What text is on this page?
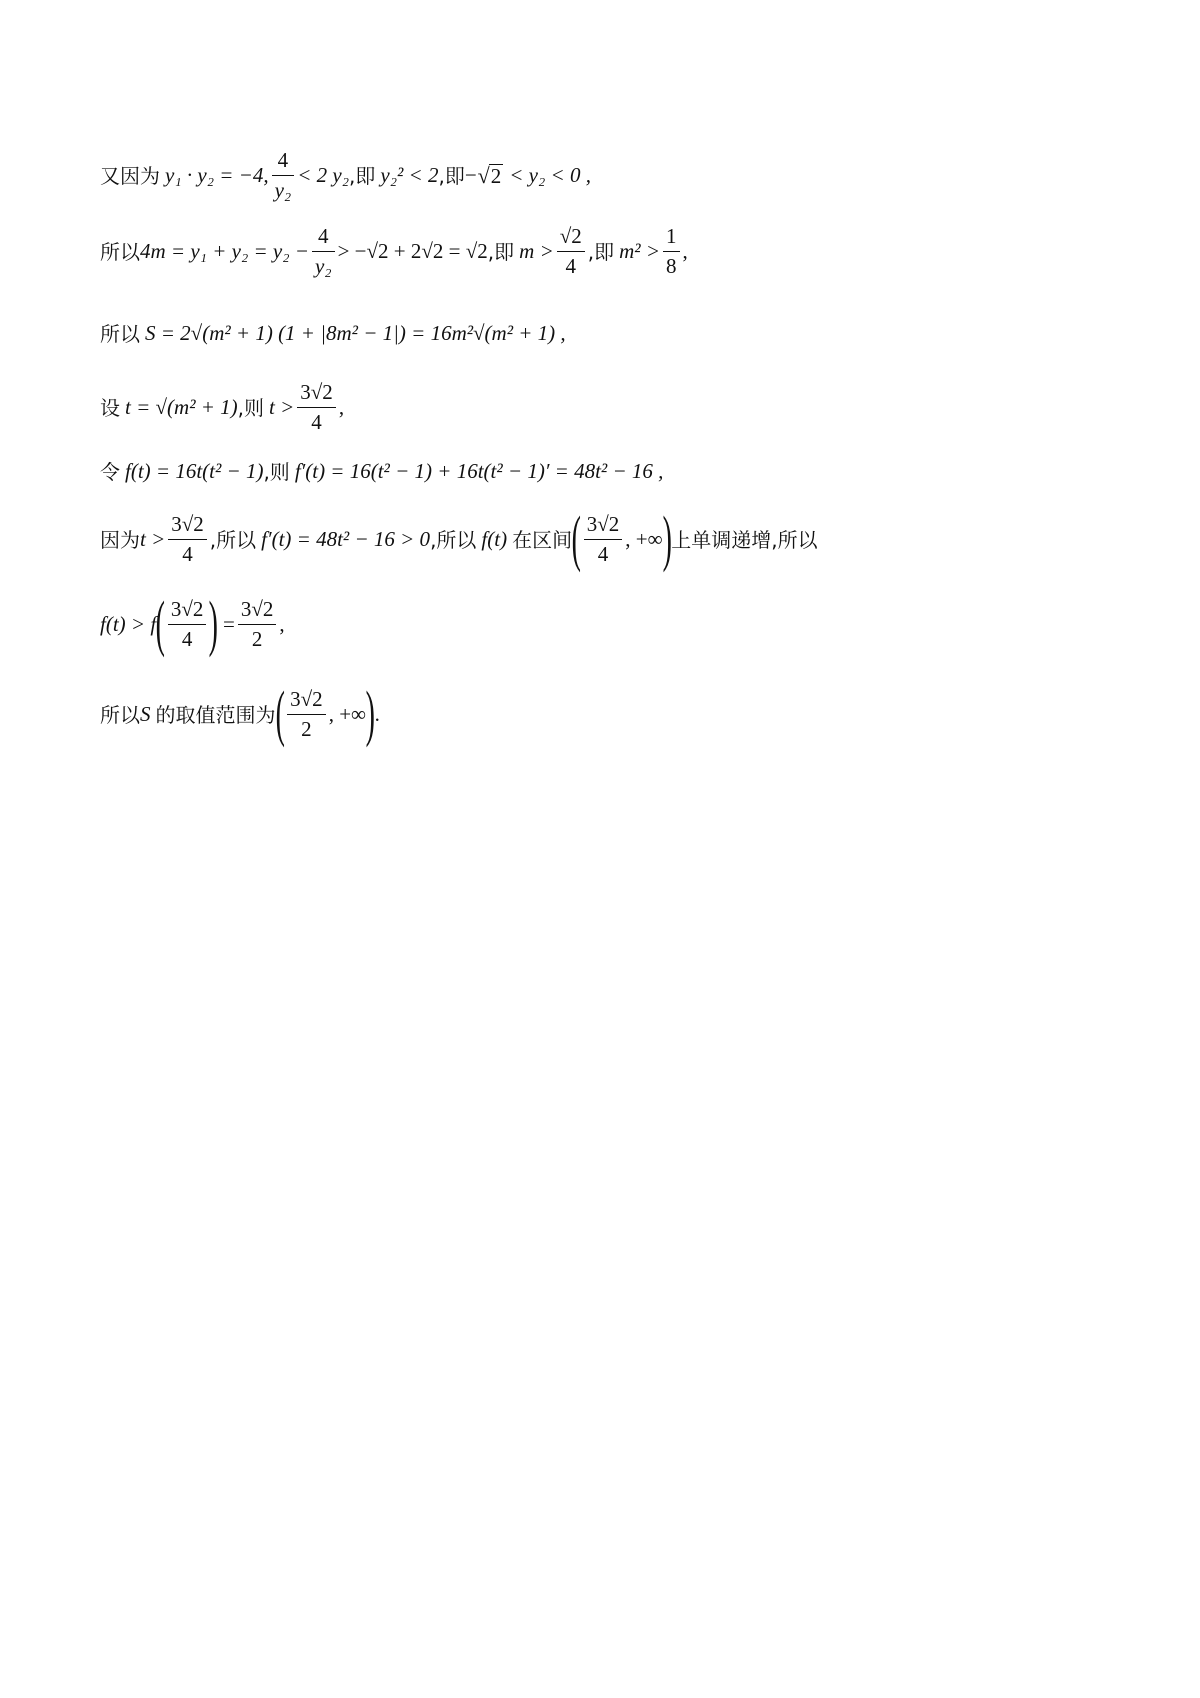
又因为 y₁ · y₂ = −4, $\frac{4}{\text{y₂}} < 2$ y₂ ,即 y₂² < 2 ,即 − √ 2 < y₂ < 0 ,
所以 $4m = y_1 + y_2 = y_2 - \frac{4}{\text{y₂}} > -√2 + 2√2 = √2$ ,即 $m > \frac{√2}{4}$ ,即 $m^2 > \frac{1}{8}$ ,
所以 S = 2√(m² + 1) (1 + |8m² − 1|) = 16m²√(m² + 1) ,
设 t = √(m² + 1) ,则 $t > \frac{3√2}{4}$ ,
令 f(t) = 16t(t² − 1) ,则 f′(t) = 16(t² − 1) + 16t(t² − 1)′ = 48t² − 16 ,
因为 $t > \frac{3√2}{4}$ ,所以 f′(t) = 48t² − 16 > 0 ,所以 f(t) 在区间 ( $\frac{3√2}{4}$ , +∞ ) 上单调递增,所以
f(t) > f ( $\frac{3√2}{4}$ ) = $\frac{3√2}{2}$ ,
所以 S 的取值范围为 ( $\frac{3√2}{2}$ , +∞ ) .
